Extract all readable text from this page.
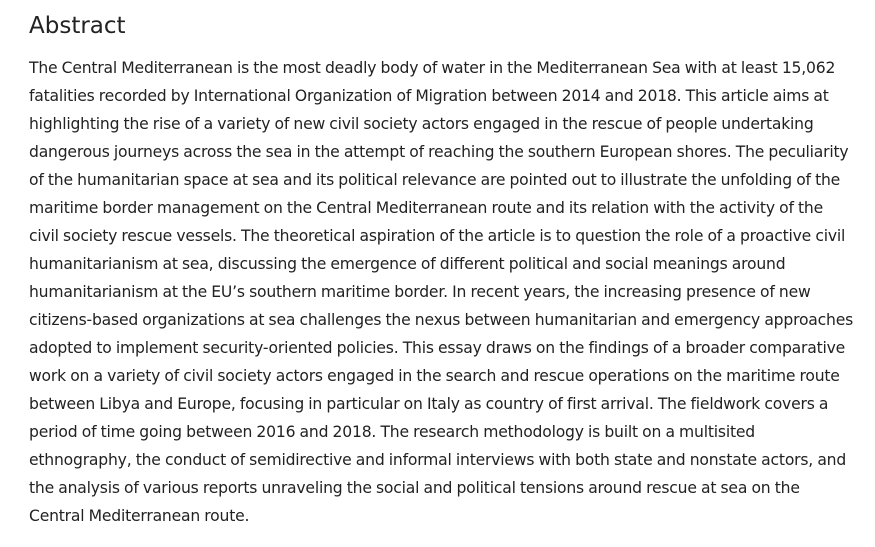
Abstract
The Central Mediterranean is the most deadly body of water in the Mediterranean Sea with at least 15,062
fatalities recorded by International Organization of Migration between 2014 and 2018. This article aims at
highlighting the rise of a variety of new civil society actors engaged in the rescue of people undertaking
dangerous journeys across the sea in the attempt of reaching the southern European shores. The peculiarity
of the humanitarian space at sea and its political relevance are pointed out to illustrate the unfolding of the
maritime border management on the Central Mediterranean route and its relation with the activity of the
civil society rescue vessels. The theoretical aspiration of the article is to question the role of a proactive civil
humanitarianism at sea, discussing the emergence of different political and social meanings around
humanitarianism at the EU’s southern maritime border. In recent years, the increasing presence of new
citizens-based organizations at sea challenges the nexus between humanitarian and emergency approaches
adopted to implement security-oriented policies. This essay draws on the findings of a broader comparative
work on a variety of civil society actors engaged in the search and rescue operations on the maritime route
between Libya and Europe, focusing in particular on Italy as country of first arrival. The fieldwork covers a
period of time going between 2016 and 2018. The research methodology is built on a multisited
ethnography, the conduct of semidirective and informal interviews with both state and nonstate actors, and
the analysis of various reports unraveling the social and political tensions around rescue at sea on the
Central Mediterranean route.
